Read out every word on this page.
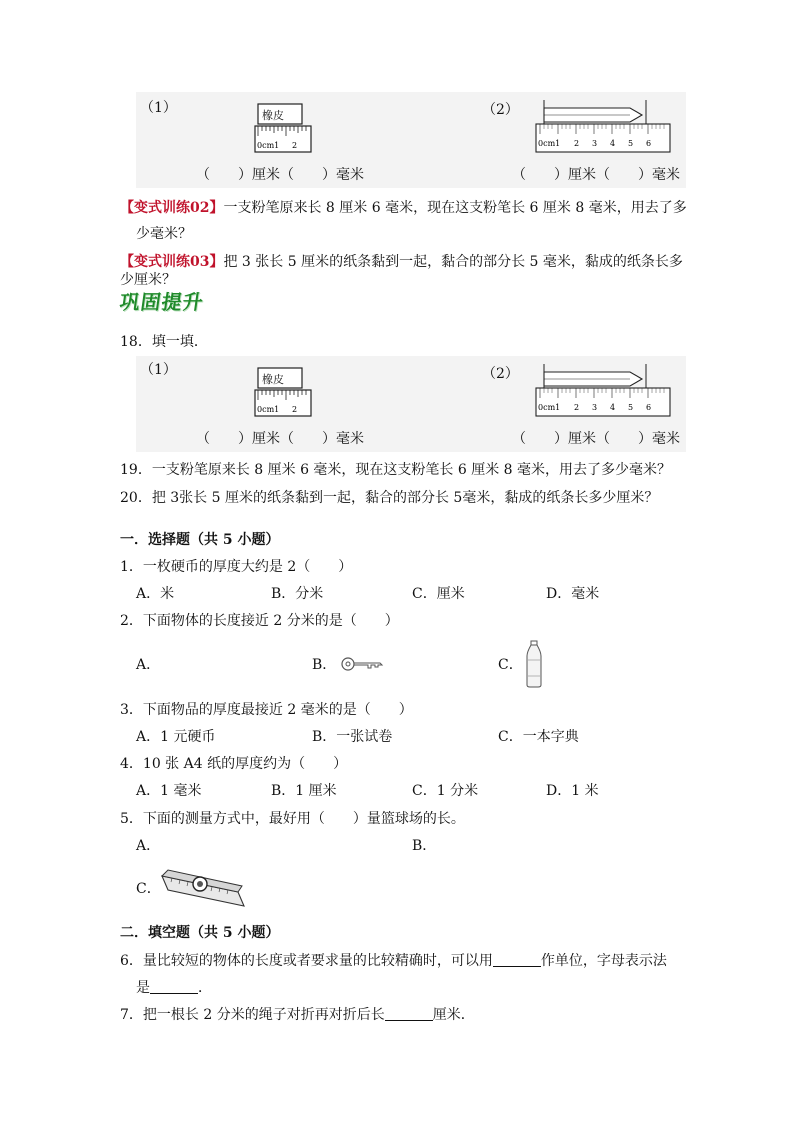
（1）	橡皮
0cm1 2
（　　）厘米（　　）毫米
（2）
0cm1 2 3 4 5 6
（　　）厘米（　　）毫米
【变式训练02】一支粉笔原来长 8 厘米 6 毫米，现在这支粉笔长 6 厘米 8 毫米，用去了多
少毫米？
【变式训练03】把 3 张长 5 厘米的纸条黏到一起，黏合的部分长 5 毫米，黏成的纸条长多
少厘米？
巩固提升
18．填一填．
（1）
橡皮
0cm1 2
（　　）厘米（　　）毫米
（2）
0cm1 2 3 4 5 6
（　　）厘米（　　）毫米
19．一支粉笔原来长 8 厘米 6 毫米，现在这支粉笔长 6 厘米 8 毫米，用去了多少毫米？
20．把 3张长 5 厘米的纸条黏到一起，黏合的部分长 5毫米，黏成的纸条长多少厘米？
一．选择题（共 5 小题）
1．一枚硬币的厚度大约是 2（　　）
A．米	B．分米	C．厘米	D．毫米
2．下面物体的长度接近 2 分米的是（　　）
A．	B．	C．
3．下面物品的厚度最接近 2 毫米的是（　　）
A．1 元硬币	B．一张试卷	C．一本字典
4．10 张 A4 纸的厚度约为（　　）
A．1 毫米	B．1 厘米	C．1 分米	D．1 米
5．下面的测量方式中，最好用（　　）量篮球场的长。
A．	B．
C．
二．填空题（共 5 小题）
6．量比较短的物体的长度或者要求量的比较精确时，可以用	作单位，字母表示法
是	．
7．把一根长 2 分米的绳子对折再对折后长	厘米．
